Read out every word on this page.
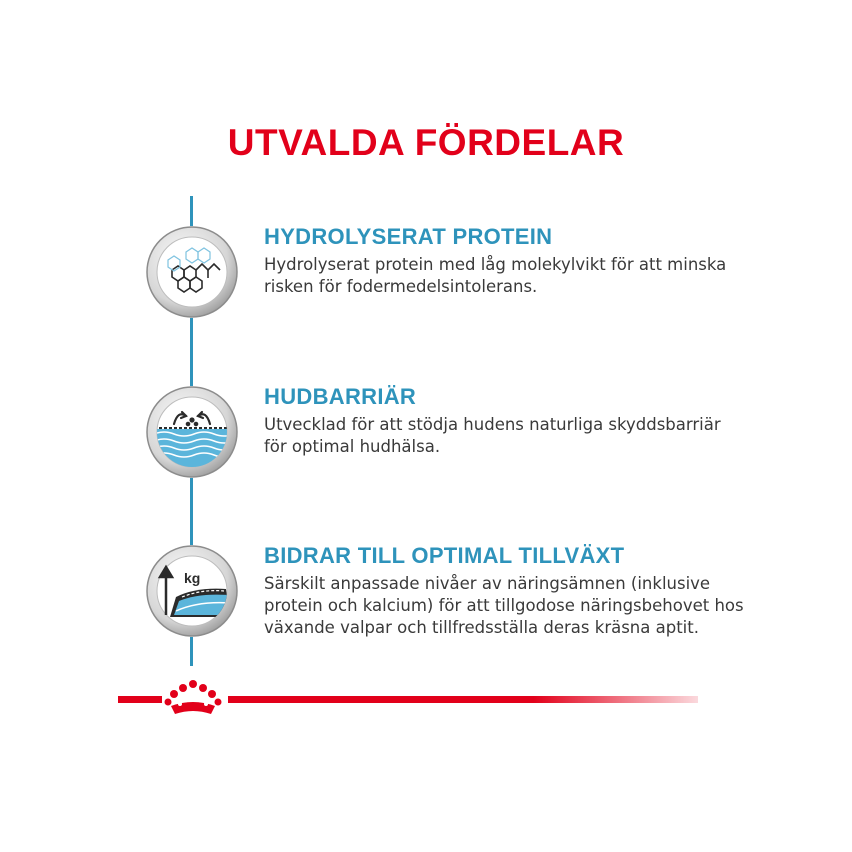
UTVALDA FÖRDELAR
HYDROLYSERAT PROTEIN

Hydrolyserat protein med låg molekylvikt för att minska risken för fodermedelsintolerans.

HUDBARRIÄR

Utvecklad för att stödja hudens naturliga skyddsbarriär för optimal hudhälsa.

kg
BIDRAR TILL OPTIMAL TILLVÄXT

Särskilt anpassade nivåer av näringsämnen (inklusive protein och kalcium) för att tillgodose näringsbehovet hos växande valpar och tillfredsställa deras kräsna aptit.
